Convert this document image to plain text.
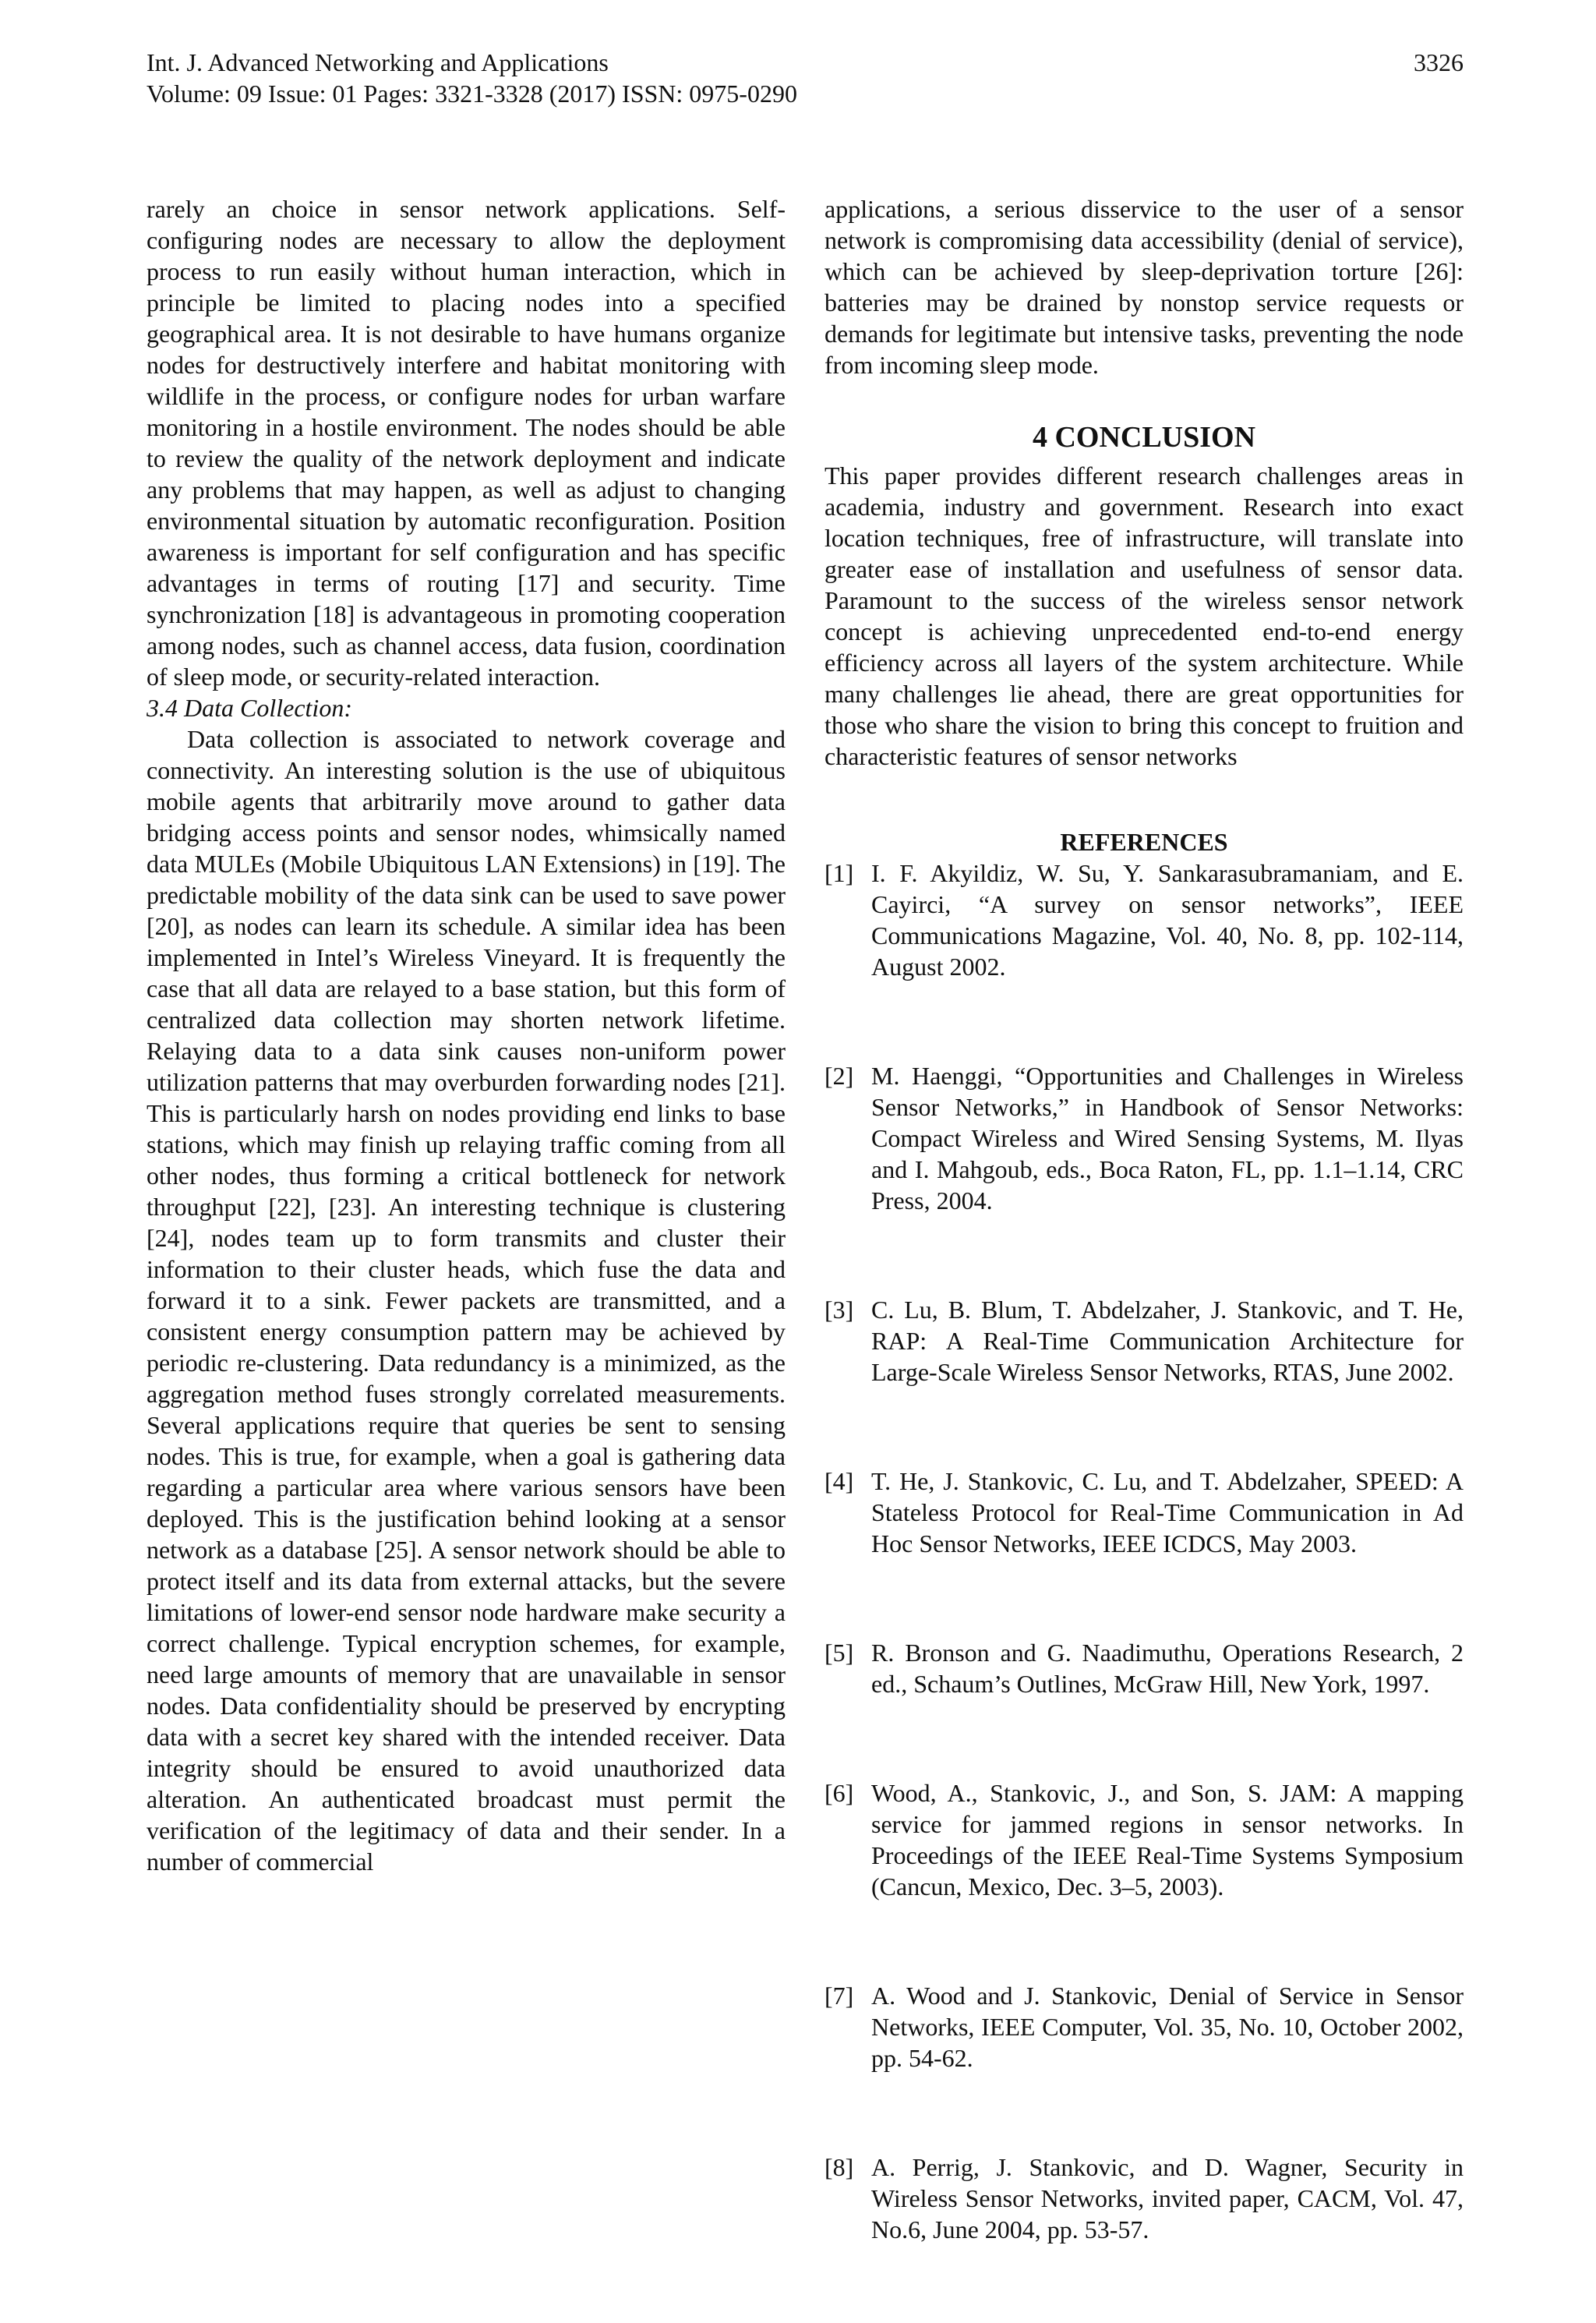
Int. J. Advanced Networking and Applications	3326
Volume: 09 Issue: 01 Pages: 3321-3328 (2017) ISSN: 0975-0290

rarely an choice in sensor network applications. Self-configuring nodes are necessary to allow the deployment process to run easily without human interaction, which in principle be limited to placing nodes into a specified geographical area. It is not desirable to have humans organize nodes for destructively interfere and habitat monitoring with wildlife in the process, or configure nodes for urban warfare monitoring in a hostile environment. The nodes should be able to review the quality of the network deployment and indicate any problems that may happen, as well as adjust to changing environmental situation by automatic reconfiguration. Position awareness is important for self configuration and has specific advantages in terms of routing [17] and security. Time synchronization [18] is advantageous in promoting cooperation among nodes, such as channel access, data fusion, coordination of sleep mode, or security-related interaction.

3.4 Data Collection:

Data collection is associated to network coverage and connectivity. An interesting solution is the use of ubiquitous mobile agents that arbitrarily move around to gather data bridging access points and sensor nodes, whimsically named data MULEs (Mobile Ubiquitous LAN Extensions) in [19]. The predictable mobility of the data sink can be used to save power [20], as nodes can learn its schedule. A similar idea has been implemented in Intel’s Wireless Vineyard. It is frequently the case that all data are relayed to a base station, but this form of centralized data collection may shorten network lifetime. Relaying data to a data sink causes non-uniform power utilization patterns that may overburden forwarding nodes [21]. This is particularly harsh on nodes providing end links to base stations, which may finish up relaying traffic coming from all other nodes, thus forming a critical bottleneck for network throughput [22], [23]. An interesting technique is clustering [24], nodes team up to form transmits and cluster their information to their cluster heads, which fuse the data and forward it to a sink. Fewer packets are transmitted, and a consistent energy consumption pattern may be achieved by periodic re-clustering. Data redundancy is a minimized, as the aggregation method fuses strongly correlated measurements. Several applications require that queries be sent to sensing nodes. This is true, for example, when a goal is gathering data regarding a particular area where various sensors have been deployed. This is the justification behind looking at a sensor network as a database [25]. A sensor network should be able to protect itself and its data from external attacks, but the severe limitations of lower-end sensor node hardware make security a correct challenge. Typical encryption schemes, for example, need large amounts of memory that are unavailable in sensor nodes. Data confidentiality should be preserved by encrypting data with a secret key shared with the intended receiver. Data integrity should be ensured to avoid unauthorized data alteration. An authenticated broadcast must permit the verification of the legitimacy of data and their sender. In a number of commercial

applications, a serious disservice to the user of a sensor network is compromising data accessibility (denial of service), which can be achieved by sleep-deprivation torture [26]: batteries may be drained by nonstop service requests or demands for legitimate but intensive tasks, preventing the node from incoming sleep mode.

4 CONCLUSION

This paper provides different research challenges areas in academia, industry and government. Research into exact location techniques, free of infrastructure, will translate into greater ease of installation and usefulness of sensor data. Paramount to the success of the wireless sensor network concept is achieving unprecedented end-to-end energy efficiency across all layers of the system architecture. While many challenges lie ahead, there are great opportunities for those who share the vision to bring this concept to fruition and characteristic features of sensor networks

REFERENCES
[1] I. F. Akyildiz, W. Su, Y. Sankarasubramaniam, and E. Cayirci, “A survey on sensor networks”, IEEE Communications Magazine, Vol. 40, No. 8, pp. 102-114, August 2002.
[2] M. Haenggi, “Opportunities and Challenges in Wireless Sensor Networks,” in Handbook of Sensor Networks: Compact Wireless and Wired Sensing Systems, M. Ilyas and I. Mahgoub, eds., Boca Raton, FL, pp. 1.1–1.14, CRC Press, 2004.
[3] C. Lu, B. Blum, T. Abdelzaher, J. Stankovic, and T. He, RAP: A Real-Time Communication Architecture for Large-Scale Wireless Sensor Networks, RTAS, June 2002.
[4] T. He, J. Stankovic, C. Lu, and T. Abdelzaher, SPEED: A Stateless Protocol for Real-Time Communication in Ad Hoc Sensor Networks, IEEE ICDCS, May 2003.
[5] R. Bronson and G. Naadimuthu, Operations Research, 2 ed., Schaum’s Outlines, McGraw Hill, New York, 1997.
[6] Wood, A., Stankovic, J., and Son, S. JAM: A mapping service for jammed regions in sensor networks. In Proceedings of the IEEE Real-Time Systems Symposium (Cancun, Mexico, Dec. 3–5, 2003).
[7] A. Wood and J. Stankovic, Denial of Service in Sensor Networks, IEEE Computer, Vol. 35, No. 10, October 2002, pp. 54-62.
[8] A. Perrig, J. Stankovic, and D. Wagner, Security in Wireless Sensor Networks, invited paper, CACM, Vol. 47, No.6, June 2004, pp. 53-57.
